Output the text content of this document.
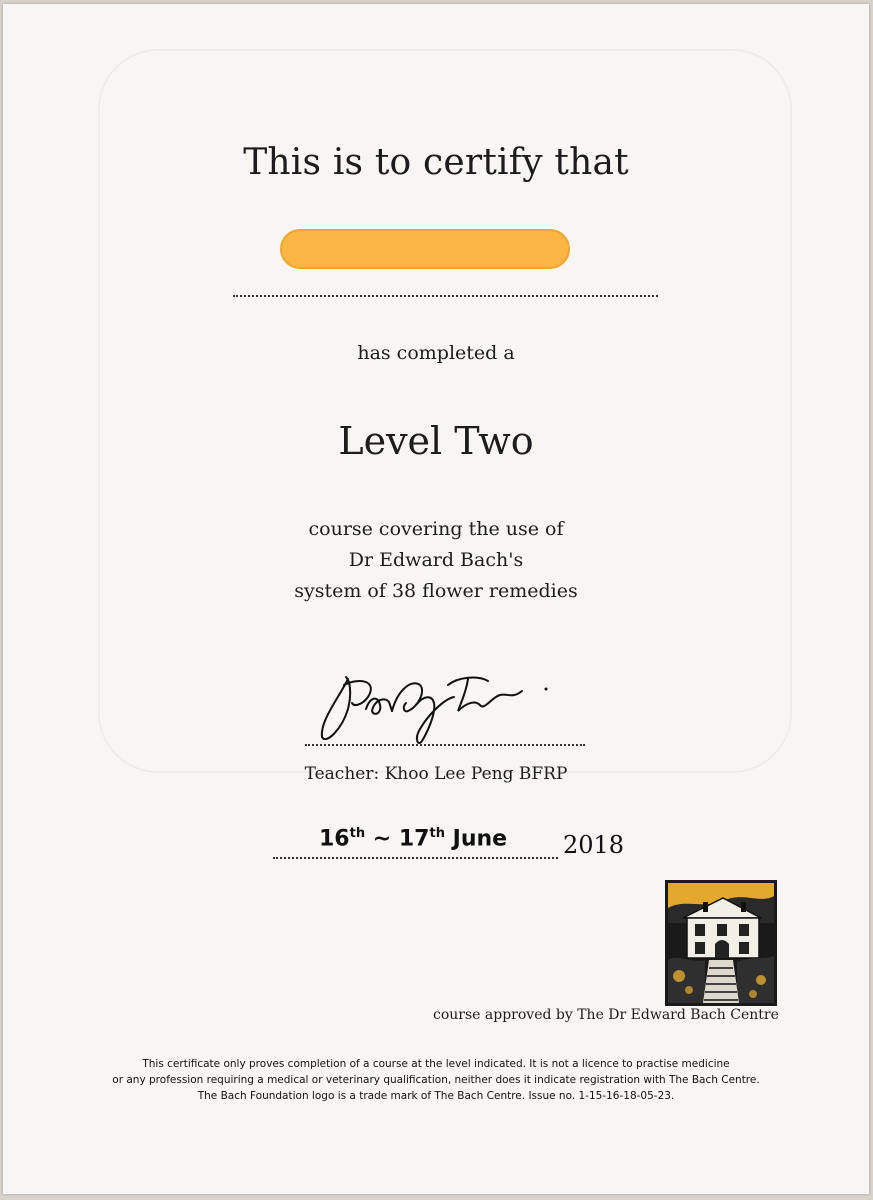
This is to certify that
has completed a
Level Two
course covering the use of
Dr Edward Bach's
system of 38 flower remedies
Teacher: Khoo Lee Peng BFRP
16th ~ 17th June 2018
course approved by The Dr Edward Bach Centre
This certificate only proves completion of a course at the level indicated. It is not a licence to practise medicine
or any profession requiring a medical or veterinary qualification, neither does it indicate registration with The Bach Centre.
The Bach Foundation logo is a trade mark of The Bach Centre. Issue no. 1-15-16-18-05-23.
